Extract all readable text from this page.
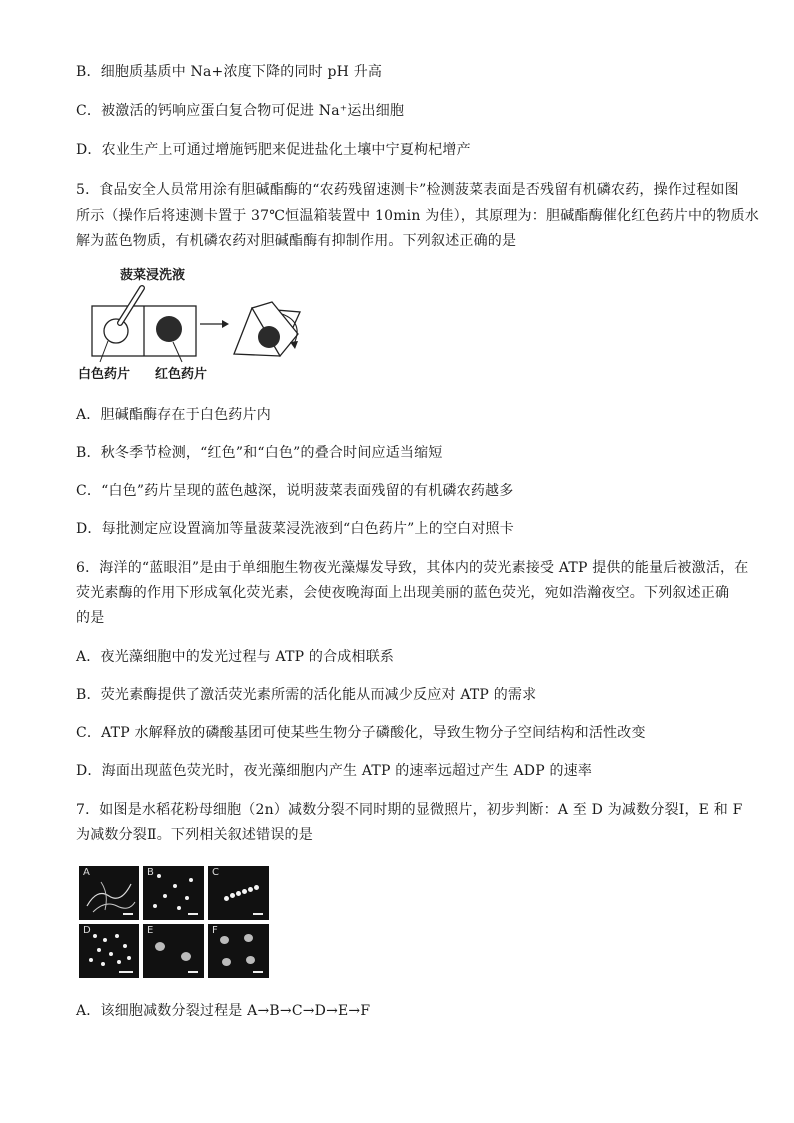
B．细胞质基质中 Na+浓度下降的同时 pH 升高
C．被激活的钙响应蛋白复合物可促进 Na⁺运出细胞
D．农业生产上可通过增施钙肥来促进盐化土壤中宁夏枸杞增产
5．食品安全人员常用涂有胆碱酯酶的“农药残留速测卡”检测菠菜表面是否残留有机磷农药，操作过程如图
所示（操作后将速测卡置于 37℃恒温箱装置中 10min 为佳），其原理为：胆碱酯酶催化红色药片中的物质水
解为蓝色物质，有机磷农药对胆碱酯酶有抑制作用。下列叙述正确的是
菠菜浸洗液
白色药片 红色药片
A．胆碱酯酶存在于白色药片内
B．秋冬季节检测，“红色”和“白色”的叠合时间应适当缩短
C．“白色”药片呈现的蓝色越深，说明菠菜表面残留的有机磷农药越多
D．每批测定应设置滴加等量菠菜浸洗液到“白色药片”上的空白对照卡
6．海洋的“蓝眼泪”是由于单细胞生物夜光藻爆发导致，其体内的荧光素接受 ATP 提供的能量后被激活，在
荧光素酶的作用下形成氧化荧光素，会使夜晚海面上出现美丽的蓝色荧光，宛如浩瀚夜空。下列叙述正确
的是
A．夜光藻细胞中的发光过程与 ATP 的合成相联系
B．荧光素酶提供了激活荧光素所需的活化能从而减少反应对 ATP 的需求
C．ATP 水解释放的磷酸基团可使某些生物分子磷酸化，导致生物分子空间结构和活性改变
D．海面出现蓝色荧光时，夜光藻细胞内产生 ATP 的速率远超过产生 ADP 的速率
7．如图是水稻花粉母细胞（2n）减数分裂不同时期的显微照片，初步判断：A 至 D 为减数分裂Ⅰ，E 和 F
为减数分裂Ⅱ。下列相关叙述错误的是
A	B	C
D	E	F
A．该细胞减数分裂过程是 A→B→C→D→E→F
